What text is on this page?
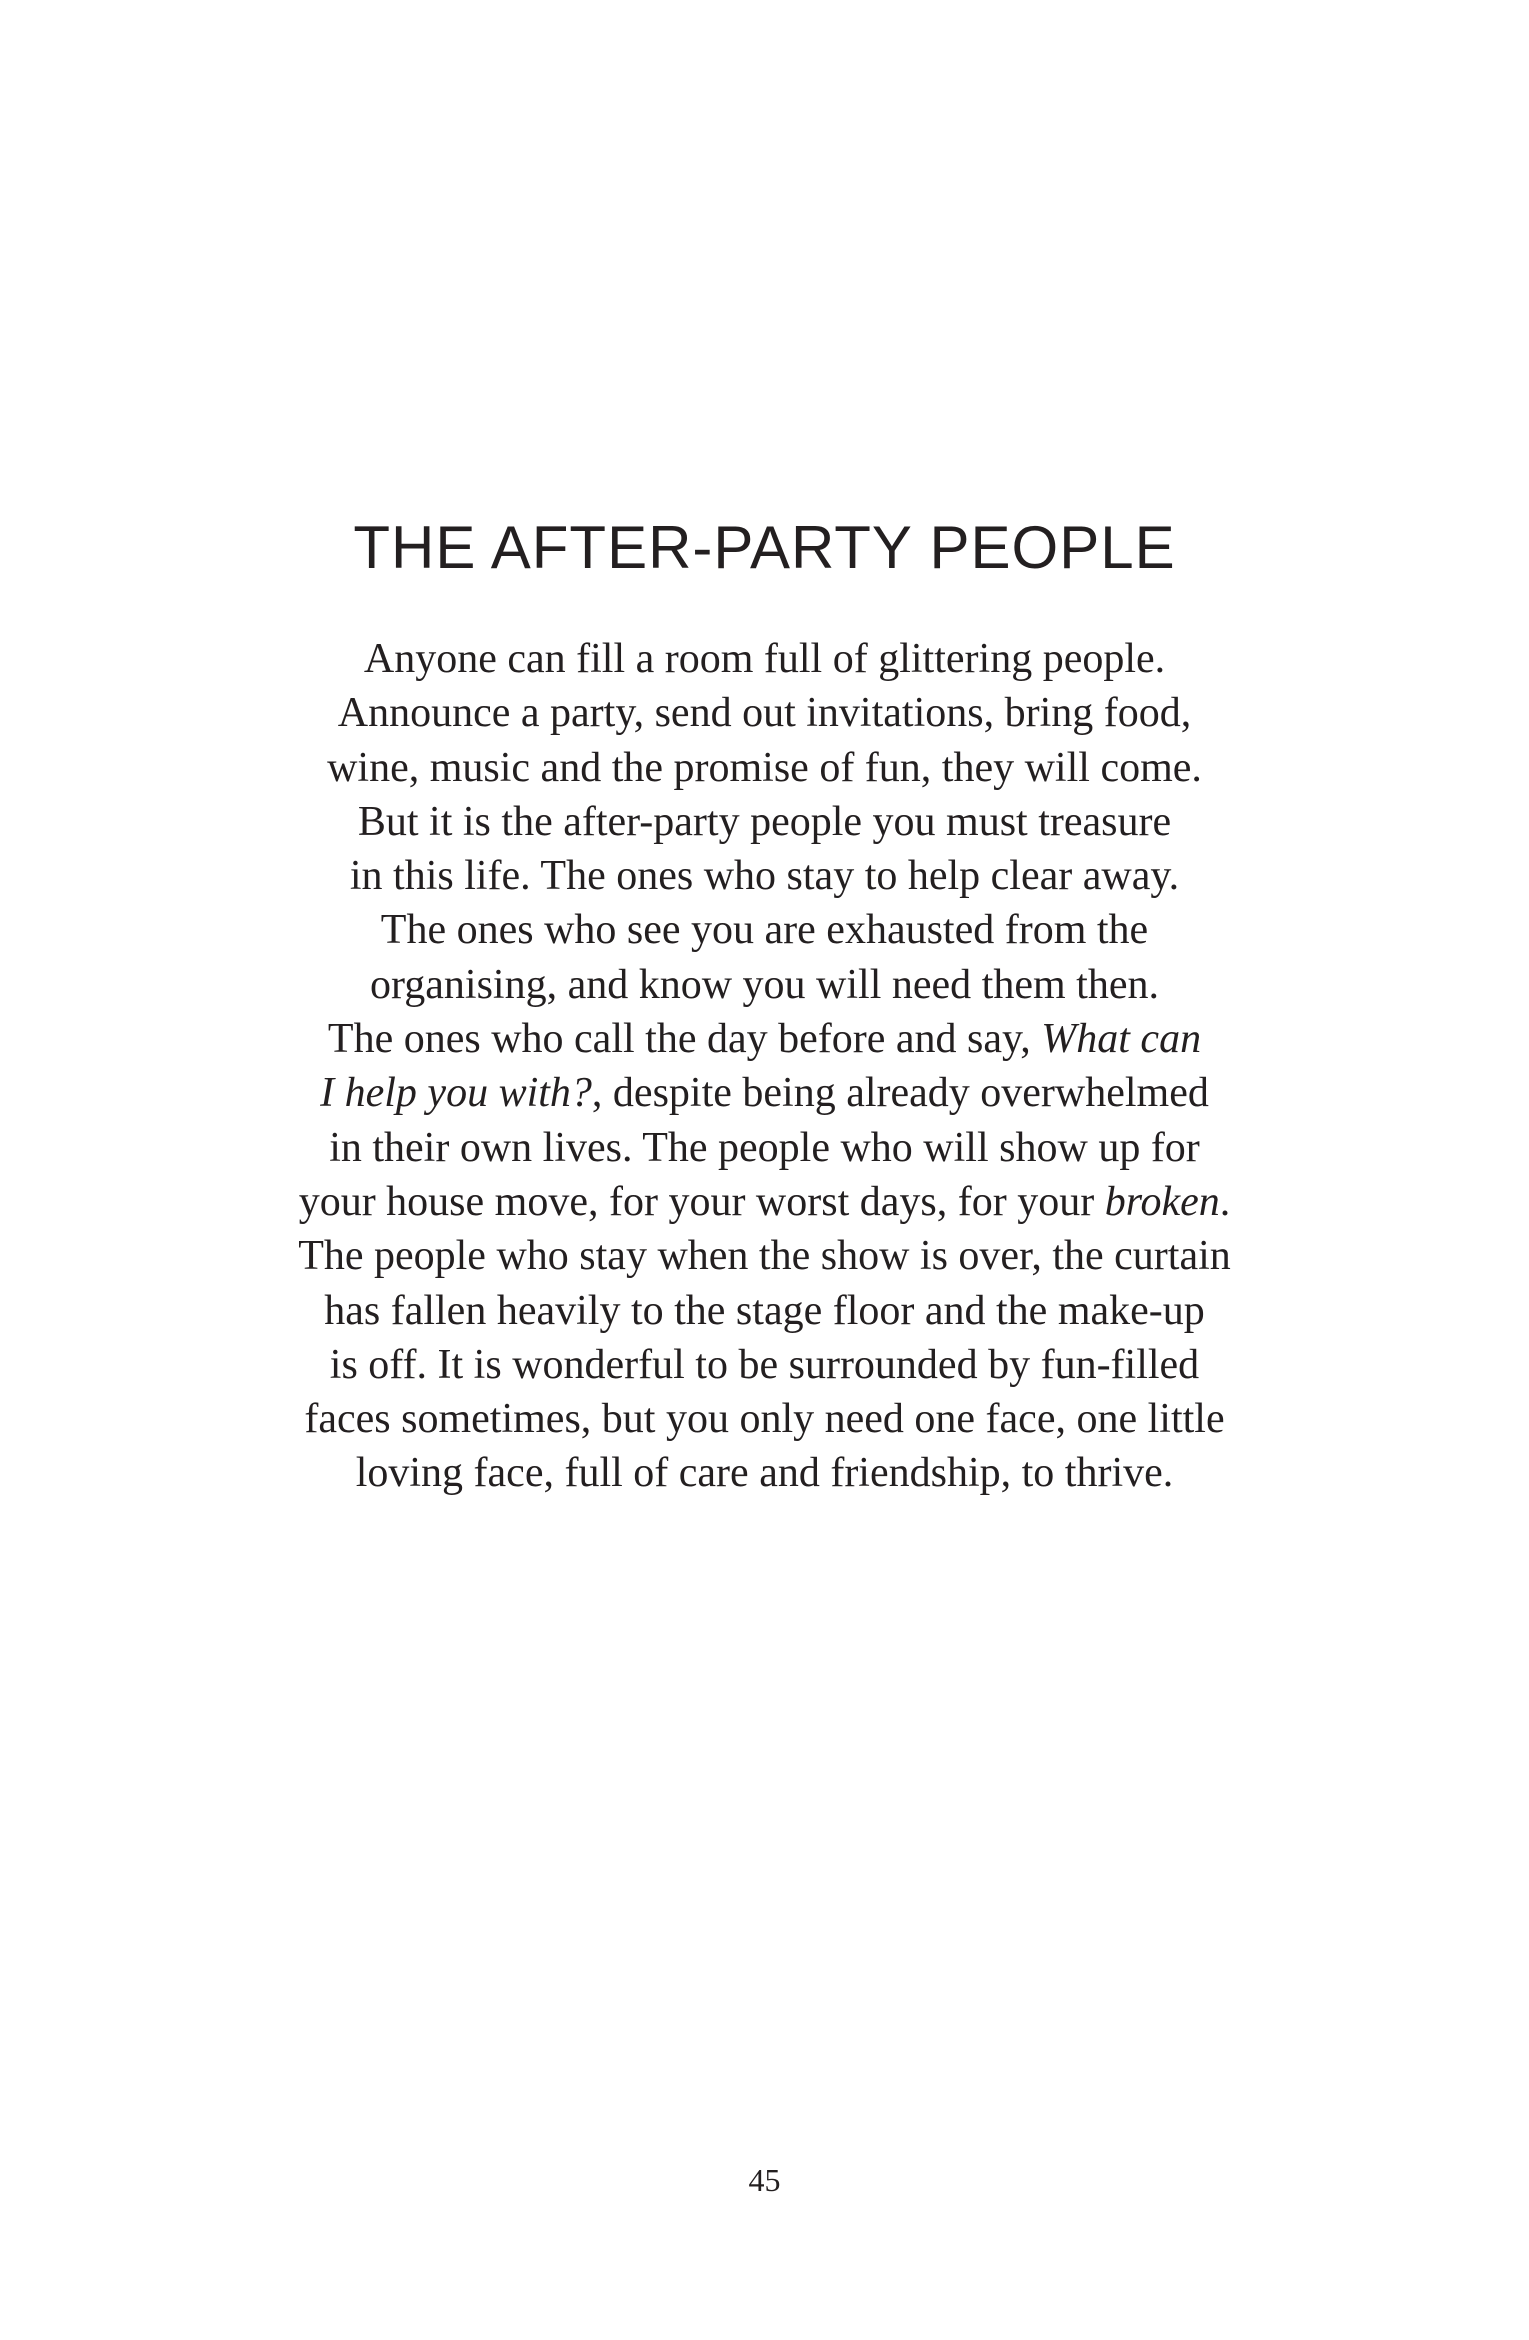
THE AFTER-PARTY PEOPLE
Anyone can fill a room full of glittering people.
Announce a party, send out invitations, bring food,
wine, music and the promise of fun, they will come.
But it is the after-party people you must treasure
in this life. The ones who stay to help clear away.
The ones who see you are exhausted from the
organising, and know you will need them then.
The ones who call the day before and say, What can
I help you with?, despite being already overwhelmed
in their own lives. The people who will show up for
your house move, for your worst days, for your broken.
The people who stay when the show is over, the curtain
has fallen heavily to the stage floor and the make-up
is off. It is wonderful to be surrounded by fun-filled
faces sometimes, but you only need one face, one little
loving face, full of care and friendship, to thrive.
45
